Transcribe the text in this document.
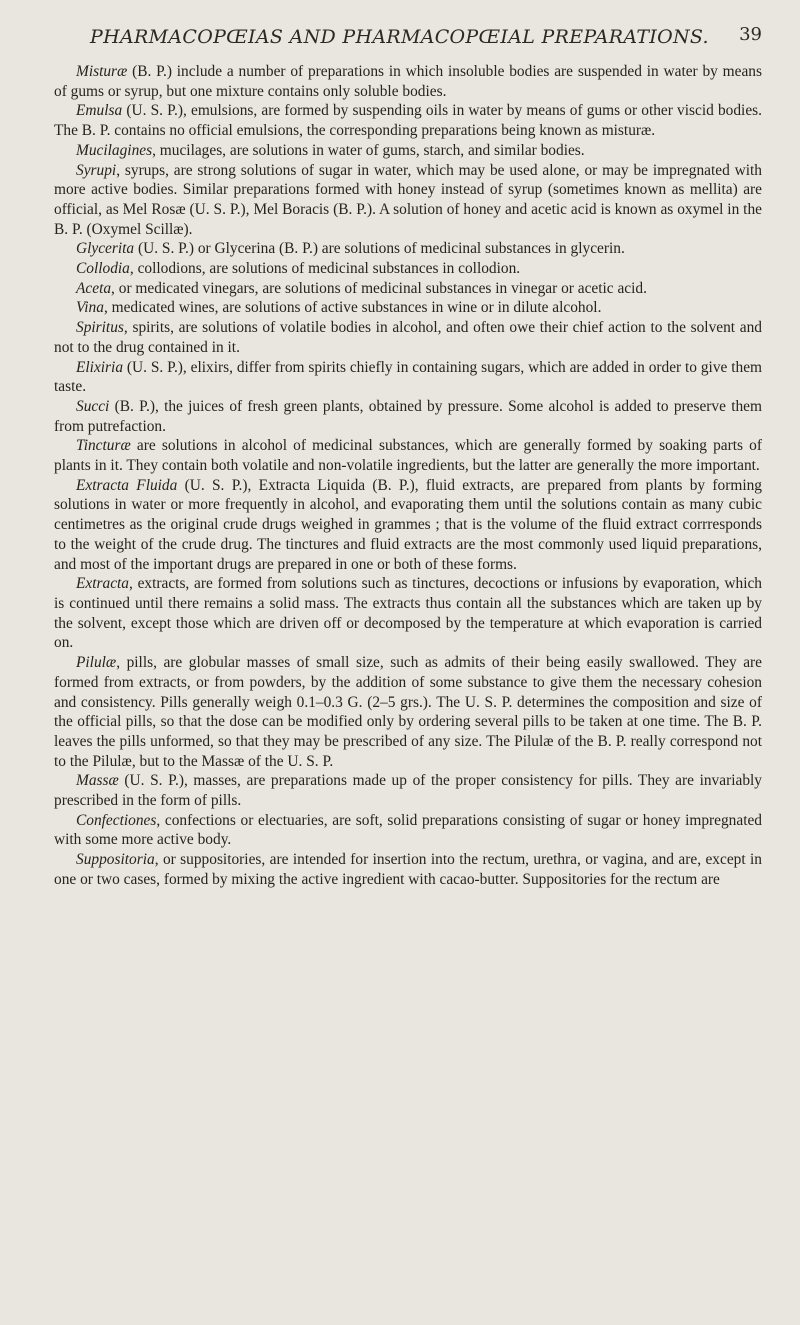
PHARMACOPŒIAS AND PHARMACOPŒIAL PREPARATIONS. 39

Misturæ (B. P.) include a number of preparations in which insoluble bodies are suspended in water by means of gums or syrup, but one mixture contains only soluble bodies.

Emulsa (U. S. P.), emulsions, are formed by suspending oils in water by means of gums or other viscid bodies. The B. P. contains no official emulsions, the corresponding preparations being known as misturæ.

Mucilagines, mucilages, are solutions in water of gums, starch, and similar bodies.

Syrupi, syrups, are strong solutions of sugar in water, which may be used alone, or may be impregnated with more active bodies. Similar preparations formed with honey instead of syrup (sometimes known as mellita) are official, as Mel Rosæ (U. S. P.), Mel Boracis (B. P.). A solution of honey and acetic acid is known as oxymel in the B. P. (Oxymel Scillæ).

Glycerita (U. S. P.) or Glycerina (B. P.) are solutions of medicinal substances in glycerin.

Collodia, collodions, are solutions of medicinal substances in collodion.

Aceta, or medicated vinegars, are solutions of medicinal substances in vinegar or acetic acid.

Vina, medicated wines, are solutions of active substances in wine or in dilute alcohol.

Spiritus, spirits, are solutions of volatile bodies in alcohol, and often owe their chief action to the solvent and not to the drug contained in it.

Elixiria (U. S. P.), elixirs, differ from spirits chiefly in containing sugars, which are added in order to give them taste.

Succi (B. P.), the juices of fresh green plants, obtained by pressure. Some alcohol is added to preserve them from putrefaction.

Tincturæ are solutions in alcohol of medicinal substances, which are generally formed by soaking parts of plants in it. They contain both volatile and non-volatile ingredients, but the latter are generally the more important.

Extracta Fluida (U. S. P.), Extracta Liquida (B. P.), fluid extracts, are prepared from plants by forming solutions in water or more frequently in alcohol, and evaporating them until the solutions contain as many cubic centimetres as the original crude drugs weighed in grammes ; that is the volume of the fluid extract corrresponds to the weight of the crude drug. The tinctures and fluid extracts are the most commonly used liquid preparations, and most of the important drugs are prepared in one or both of these forms.

Extracta, extracts, are formed from solutions such as tinctures, decoctions or infusions by evaporation, which is continued until there remains a solid mass. The extracts thus contain all the substances which are taken up by the solvent, except those which are driven off or decomposed by the temperature at which evaporation is carried on.

Pilulæ, pills, are globular masses of small size, such as admits of their being easily swallowed. They are formed from extracts, or from powders, by the addition of some substance to give them the necessary cohesion and consistency. Pills generally weigh 0.1–0.3 G. (2–5 grs.). The U. S. P. determines the composition and size of the official pills, so that the dose can be modified only by ordering several pills to be taken at one time. The B. P. leaves the pills unformed, so that they may be prescribed of any size. The Pilulæ of the B. P. really correspond not to the Pilulæ, but to the Massæ of the U. S. P.

Massæ (U. S. P.), masses, are preparations made up of the proper consistency for pills. They are invariably prescribed in the form of pills.

Confectiones, confections or electuaries, are soft, solid preparations consisting of sugar or honey impregnated with some more active body.

Suppositoria, or suppositories, are intended for insertion into the rectum, urethra, or vagina, and are, except in one or two cases, formed by mixing the active ingredient with cacao-butter. Suppositories for the rectum are
